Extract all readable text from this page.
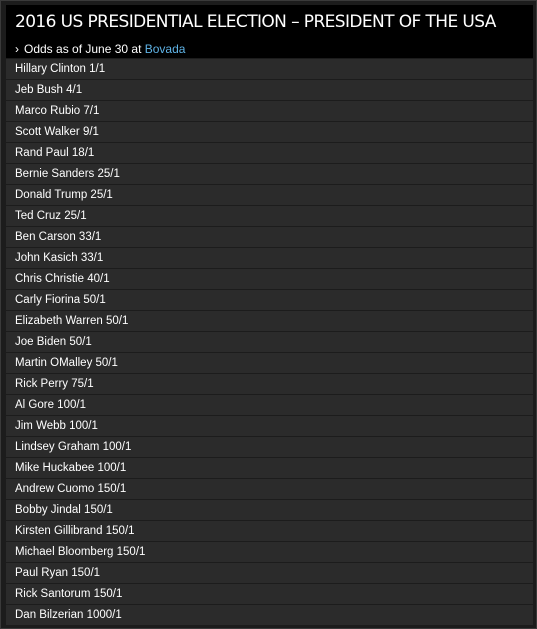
2016 US PRESIDENTIAL ELECTION – PRESIDENT OF THE USA
› Odds as of June 30 at Bovada
Hillary Clinton 1/1
Jeb Bush 4/1
Marco Rubio 7/1
Scott Walker 9/1
Rand Paul 18/1
Bernie Sanders 25/1
Donald Trump 25/1
Ted Cruz 25/1
Ben Carson 33/1
John Kasich 33/1
Chris Christie 40/1
Carly Fiorina 50/1
Elizabeth Warren 50/1
Joe Biden 50/1
Martin OMalley 50/1
Rick Perry 75/1
Al Gore 100/1
Jim Webb 100/1
Lindsey Graham 100/1
Mike Huckabee 100/1
Andrew Cuomo 150/1
Bobby Jindal 150/1
Kirsten Gillibrand 150/1
Michael Bloomberg 150/1
Paul Ryan 150/1
Rick Santorum 150/1
Dan Bilzerian 1000/1
